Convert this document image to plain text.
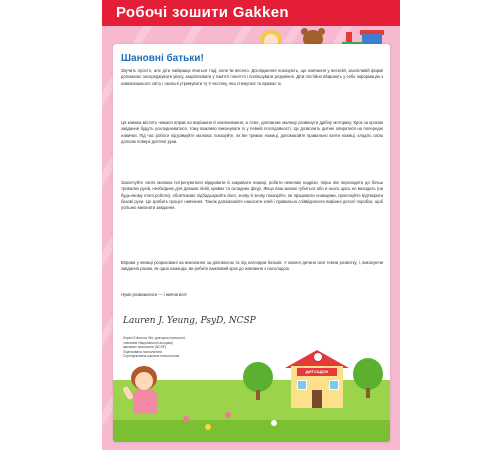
Робочі зошити Gakken
Шановні батьки!

Звучить просто, але діти найкраще вчаться тоді, коли їм весело. Дослідження показують, що навчання у веселій, захопливій формі допомагає зосереджувати увагу, закріплювати у пам'яті поняття і поліпшувати розуміння. Діти постійно вбирають у себе інформацію з навколишнього світу і скильні утримувати ту її частину, яка стимулює та вражає їх.

Ця книжка містить чимало вправ на вирізання й наклеювання, а отже, допоможе малюку розвинути дрібну моторику. Крок за кроком завдання будуть ускладнюватися, тому важливо виконувати їх у певній послідовності. Це дозволить дитині опиратися на попередні навички. Під час роботи підтримуйте малюка: показуйте, як він тримає ножиці, допомагайте правильно взяти ножиці, кладіть свою долоню поверх дитячої руки.

Заохочуйте свого малюка потренуватися відкривати й закривати ножиці, робити невеликі надрізи, перш ніж переходити до більш тривалих рухів, необхідних для довших ліній, кривих та складних фігур. Якщо ваш малюк губиться або в нього щось не виходить (на будь-якому етапі роботи), обов'язково підбадьорюйте його, знову й знову показуйте, як працювати ножицями, пропонуйте відтворити базові рухи. Це зробить процес навчання. Також допомагайте наносити клей і правильно співвідносити вирізані деталі поробок, щоб успішно виконати завдання.

Вправи у книжці розраховані на виконання за допомогою та під наглядом батьків. У кожної дитини свої темпи розвитку, і, виконуючи завдання разом, як одна команда, ви робите важливий крок до навчання з насолодою.

Нумо розважатися — і навчатися!

Lauren J. Yeung, PsyD, NCSP
Лорен Еліонсон Янг, докторка психології,
членкиня Національної асоціації
шкільних психологів (NCSP)
Ліцензована психологиня
Сертифікована шкільна психологиня
ДИТСАДОК
